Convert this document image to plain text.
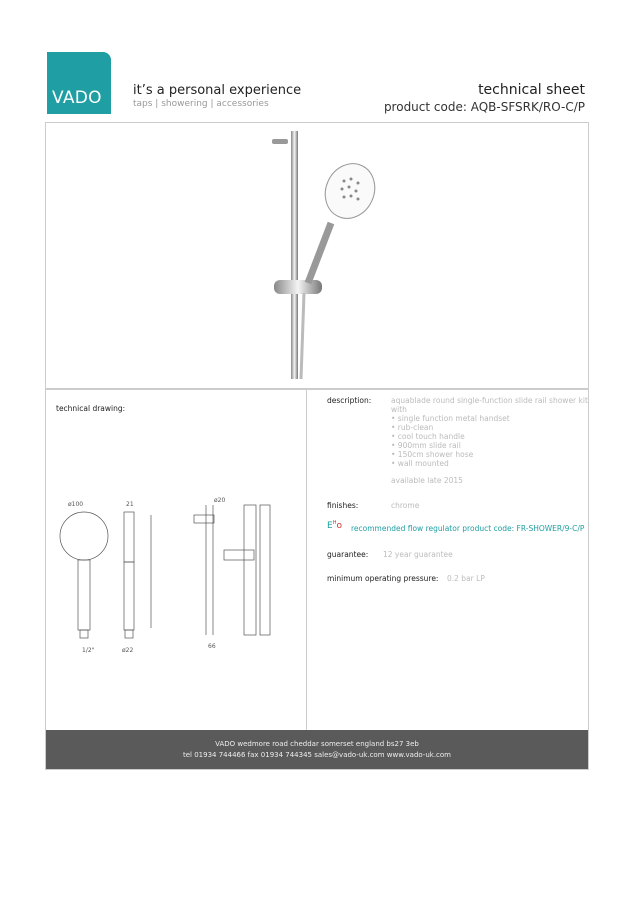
VADO it’s a personal experience
taps | showering | accessories
technical sheet
product code: AQB-SFSRK/RO-C/P
technical drawing:
ø100	21
1/2"	ø22
ø20
66
description:	aquablade round single-function slide rail shower kit with
• single function metal handset
• rub-clean
• cool touch handle
• 900mm slide rail
• 150cm shower hose
• wall mounted
available late 2015
finishes:	chrome
$E^Ho$ recommended flow regulator product code: FR-SHOWER/9-C/P
guarantee: 12 year guarantee
minimum operating pressure: 0.2 bar LP
VADO wedmore road cheddar somerset england bs27 3eb
tel 01934 744466 fax 01934 744345 sales@vado-uk.com www.vado-uk.com
